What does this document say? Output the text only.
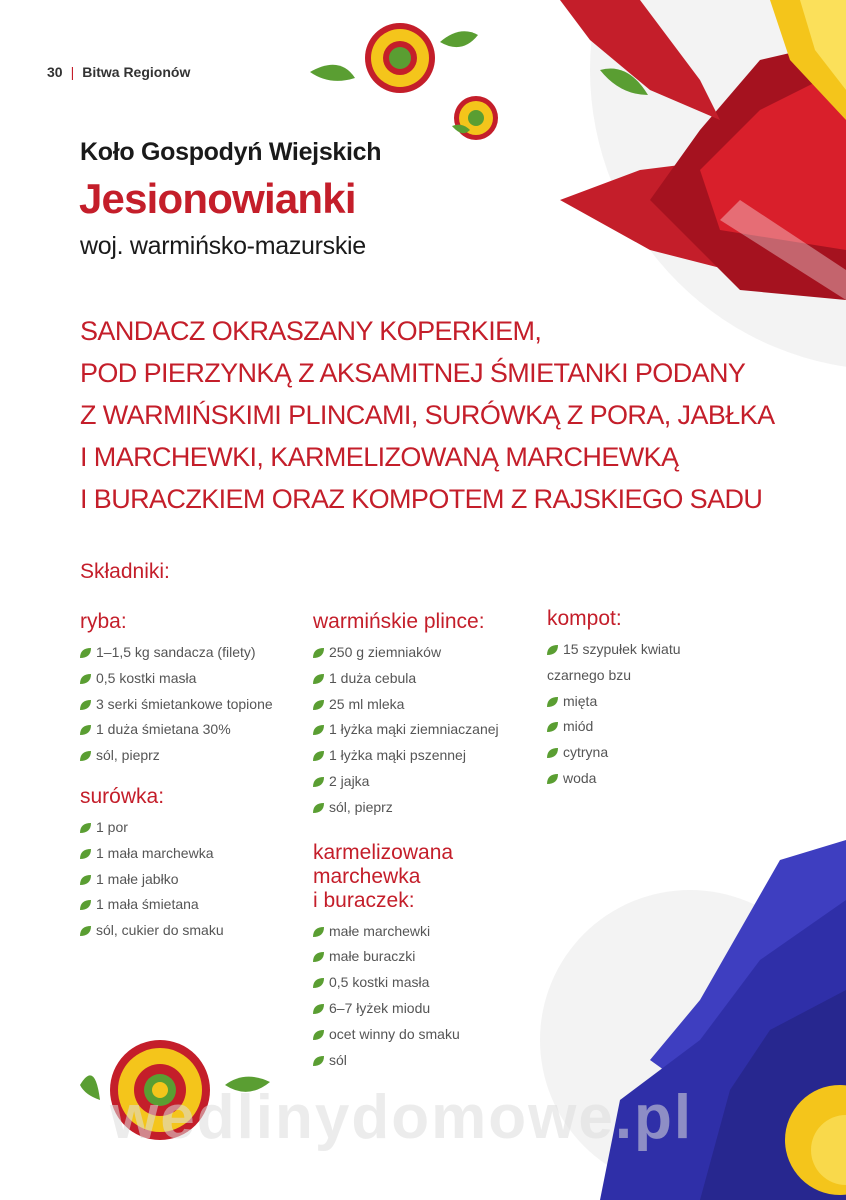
30 | Bitwa Regionów
Koło Gospodyń Wiejskich
Jesionowianki
woj. warmińsko-mazurskie
SANDACZ OKRASZANY KOPERKIEM,
POD PIERZYNKĄ Z AKSAMITNEJ ŚMIETANKI PODANY
Z WARMIŃSKIMI PLINCAMI, SURÓWKĄ Z PORA, JABŁKA
I MARCHEWKI, KARMELIZOWANĄ MARCHEWKĄ
I BURACZKIEM ORAZ KOMPOTEM Z RAJSKIEGO SADU
Składniki:
ryba:
1–1,5 kg sandacza (filety)
0,5 kostki masła
3 serki śmietankowe topione
1 duża śmietana 30%
sól, pieprz
surówka:
1 por
1 mała marchewka
1 małe jabłko
1 mała śmietana
sól, cukier do smaku
warmińskie plince:
250 g ziemniaków
1 duża cebula
25 ml mleka
1 łyżka mąki ziemniaczanej
1 łyżka mąki pszennej
2 jajka
sól, pieprz
karmelizowana
marchewka
i buraczek:
małe marchewki
małe buraczki
0,5 kostki masła
6–7 łyżek miodu
ocet winny do smaku
sól
kompot:
15 szypułek kwiatu
czarnego bzu
mięta
miód
cytryna
woda
wedlinydomowe.pl
